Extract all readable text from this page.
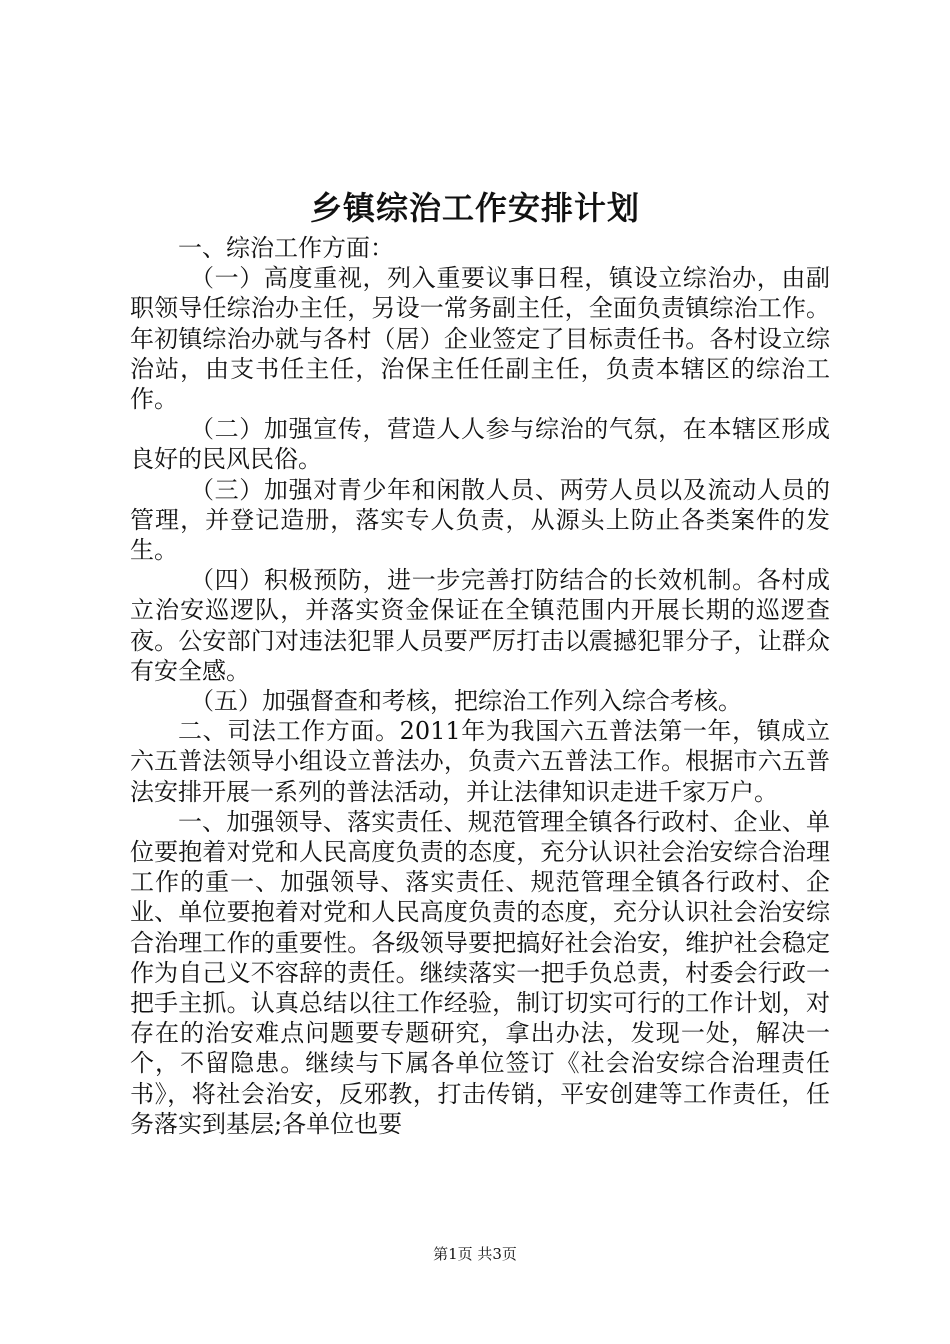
乡镇综治工作安排计划

一、综治工作方面：

（一）高度重视，列入重要议事日程，镇设立综治办，由副职领导任综治办主任，另设一常务副主任，全面负责镇综治工作。年初镇综治办就与各村（居）企业签定了目标责任书。各村设立综治站，由支书任主任，治保主任任副主任，负责本辖区的综治工作。

（二）加强宣传，营造人人参与综治的气氛，在本辖区形成良好的民风民俗。

（三）加强对青少年和闲散人员、两劳人员以及流动人员的管理，并登记造册，落实专人负责，从源头上防止各类案件的发生。

（四）积极预防，进一步完善打防结合的长效机制。各村成立治安巡逻队，并落实资金保证在全镇范围内开展长期的巡逻查夜。公安部门对违法犯罪人员要严厉打击以震撼犯罪分子，让群众有安全感。

（五）加强督查和考核，把综治工作列入综合考核。

二、司法工作方面。2011年为我国六五普法第一年，镇成立六五普法领导小组设立普法办，负责六五普法工作。根据市六五普法安排开展一系列的普法活动，并让法律知识走进千家万户。

一、加强领导、落实责任、规范管理全镇各行政村、企业、单位要抱着对党和人民高度负责的态度，充分认识社会治安综合治理工作的重一、加强领导、落实责任、规范管理全镇各行政村、企业、单位要抱着对党和人民高度负责的态度，充分认识社会治安综合治理工作的重要性。各级领导要把搞好社会治安，维护社会稳定作为自己义不容辞的责任。继续落实一把手负总责，村委会行政一把手主抓。认真总结以往工作经验，制订切实可行的工作计划，对存在的治安难点问题要专题研究，拿出办法，发现一处，解决一个，不留隐患。继续与下属各单位签订《社会治安综合治理责任书》，将社会治安，反邪教，打击传销，平安创建等工作责任，任务落实到基层;各单位也要

第1页 共3页
